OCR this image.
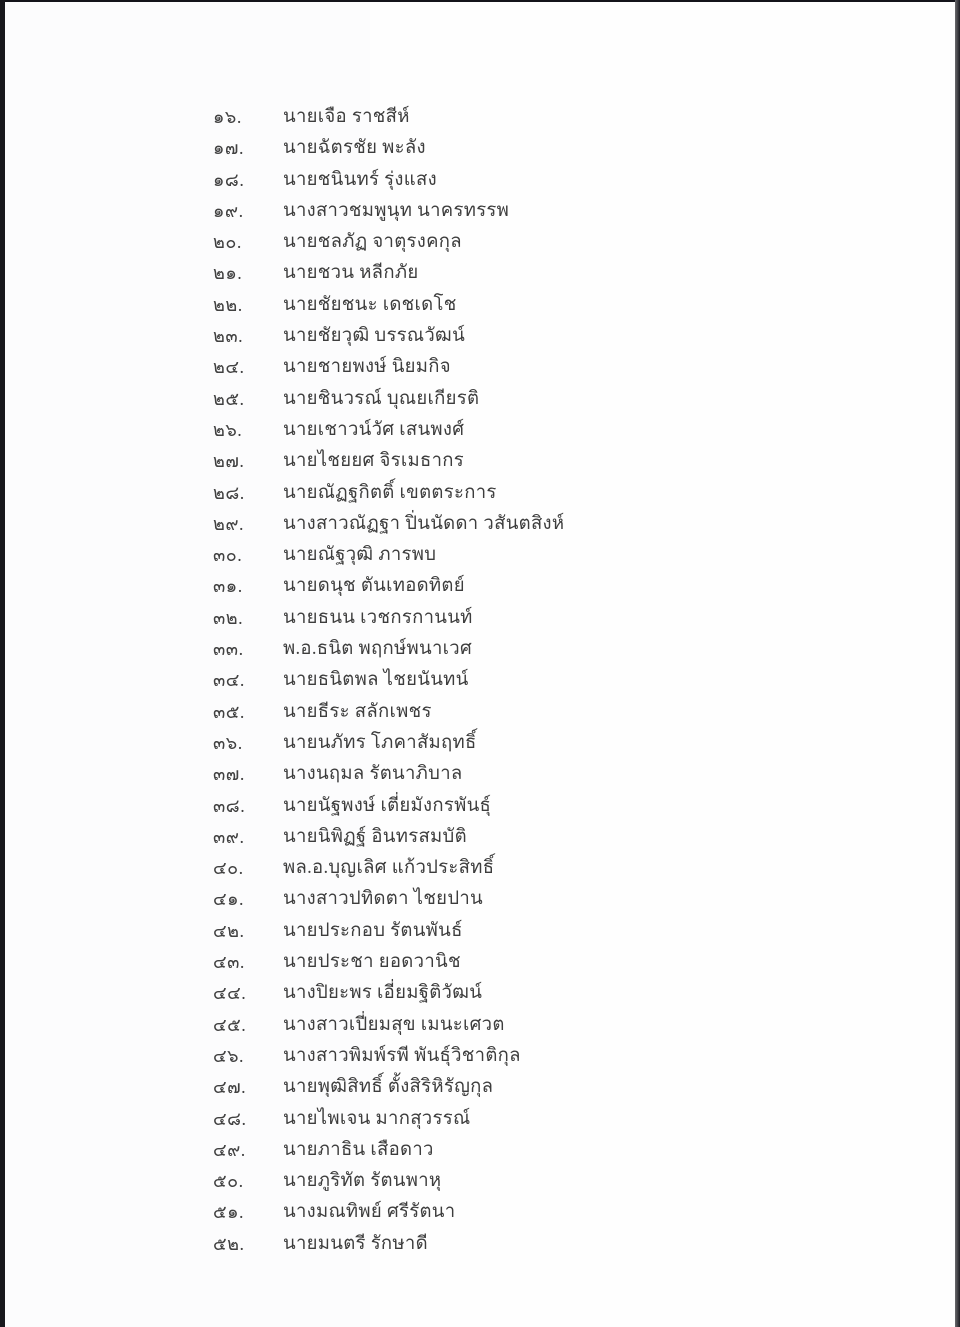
๑๖. นายเจือ ราชสีห์
๑๗. นายฉัตรชัย พะลัง
๑๘. นายชนินทร์ รุ่งแสง
๑๙. นางสาวชมพูนุท นาครทรรพ
๒๐. นายชลภัฏ จาตุรงคกุล
๒๑. นายชวน หลีกภัย
๒๒. นายชัยชนะ เดชเดโช
๒๓. นายชัยวุฒิ บรรณวัฒน์
๒๔. นายชายพงษ์ นิยมกิจ
๒๕. นายชินวรณ์ บุณยเกียรติ
๒๖. นายเชาวน์วัศ เสนพงศ์
๒๗. นายไชยยศ จิรเมธากร
๒๘. นายณัฏฐกิตติ์ เขตตระการ
๒๙. นางสาวณัฏฐา ปิ่นนัดดา วสันตสิงห์
๓๐. นายณัฐวุฒิ ภารพบ
๓๑. นายดนุช ตันเทอดทิตย์
๓๒. นายธนน เวชกรกานนท์
๓๓. พ.อ.ธนิต พฤกษ์พนาเวศ
๓๔. นายธนิตพล ไชยนันทน์
๓๕. นายธีระ สลักเพชร
๓๖. นายนภัทร โภคาสัมฤทธิ์
๓๗. นางนฤมล รัตนาภิบาล
๓๘. นายนัฐพงษ์ เตี่ยมังกรพันธุ์
๓๙. นายนิพิฏฐ์ อินทรสมบัติ
๔๐. พล.อ.บุญเลิศ แก้วประสิทธิ์
๔๑. นางสาวปทิดตา ไชยปาน
๔๒. นายประกอบ รัตนพันธ์
๔๓. นายประชา ยอดวานิช
๔๔. นางปิยะพร เอี่ยมฐิติวัฒน์
๔๕. นางสาวเปี่ยมสุข เมนะเศวต
๔๖. นางสาวพิมพ์รพี พันธุ์วิชาติกุล
๔๗. นายพุฒิสิทธิ์ ตั้งสิริหิรัญกุล
๔๘. นายไพเจน มากสุวรรณ์
๔๙. นายภาธิน เสือดาว
๕๐. นายภูริทัต รัตนพาหุ
๕๑. นางมณทิพย์ ศรีรัตนา
๕๒. นายมนตรี รักษาดี
